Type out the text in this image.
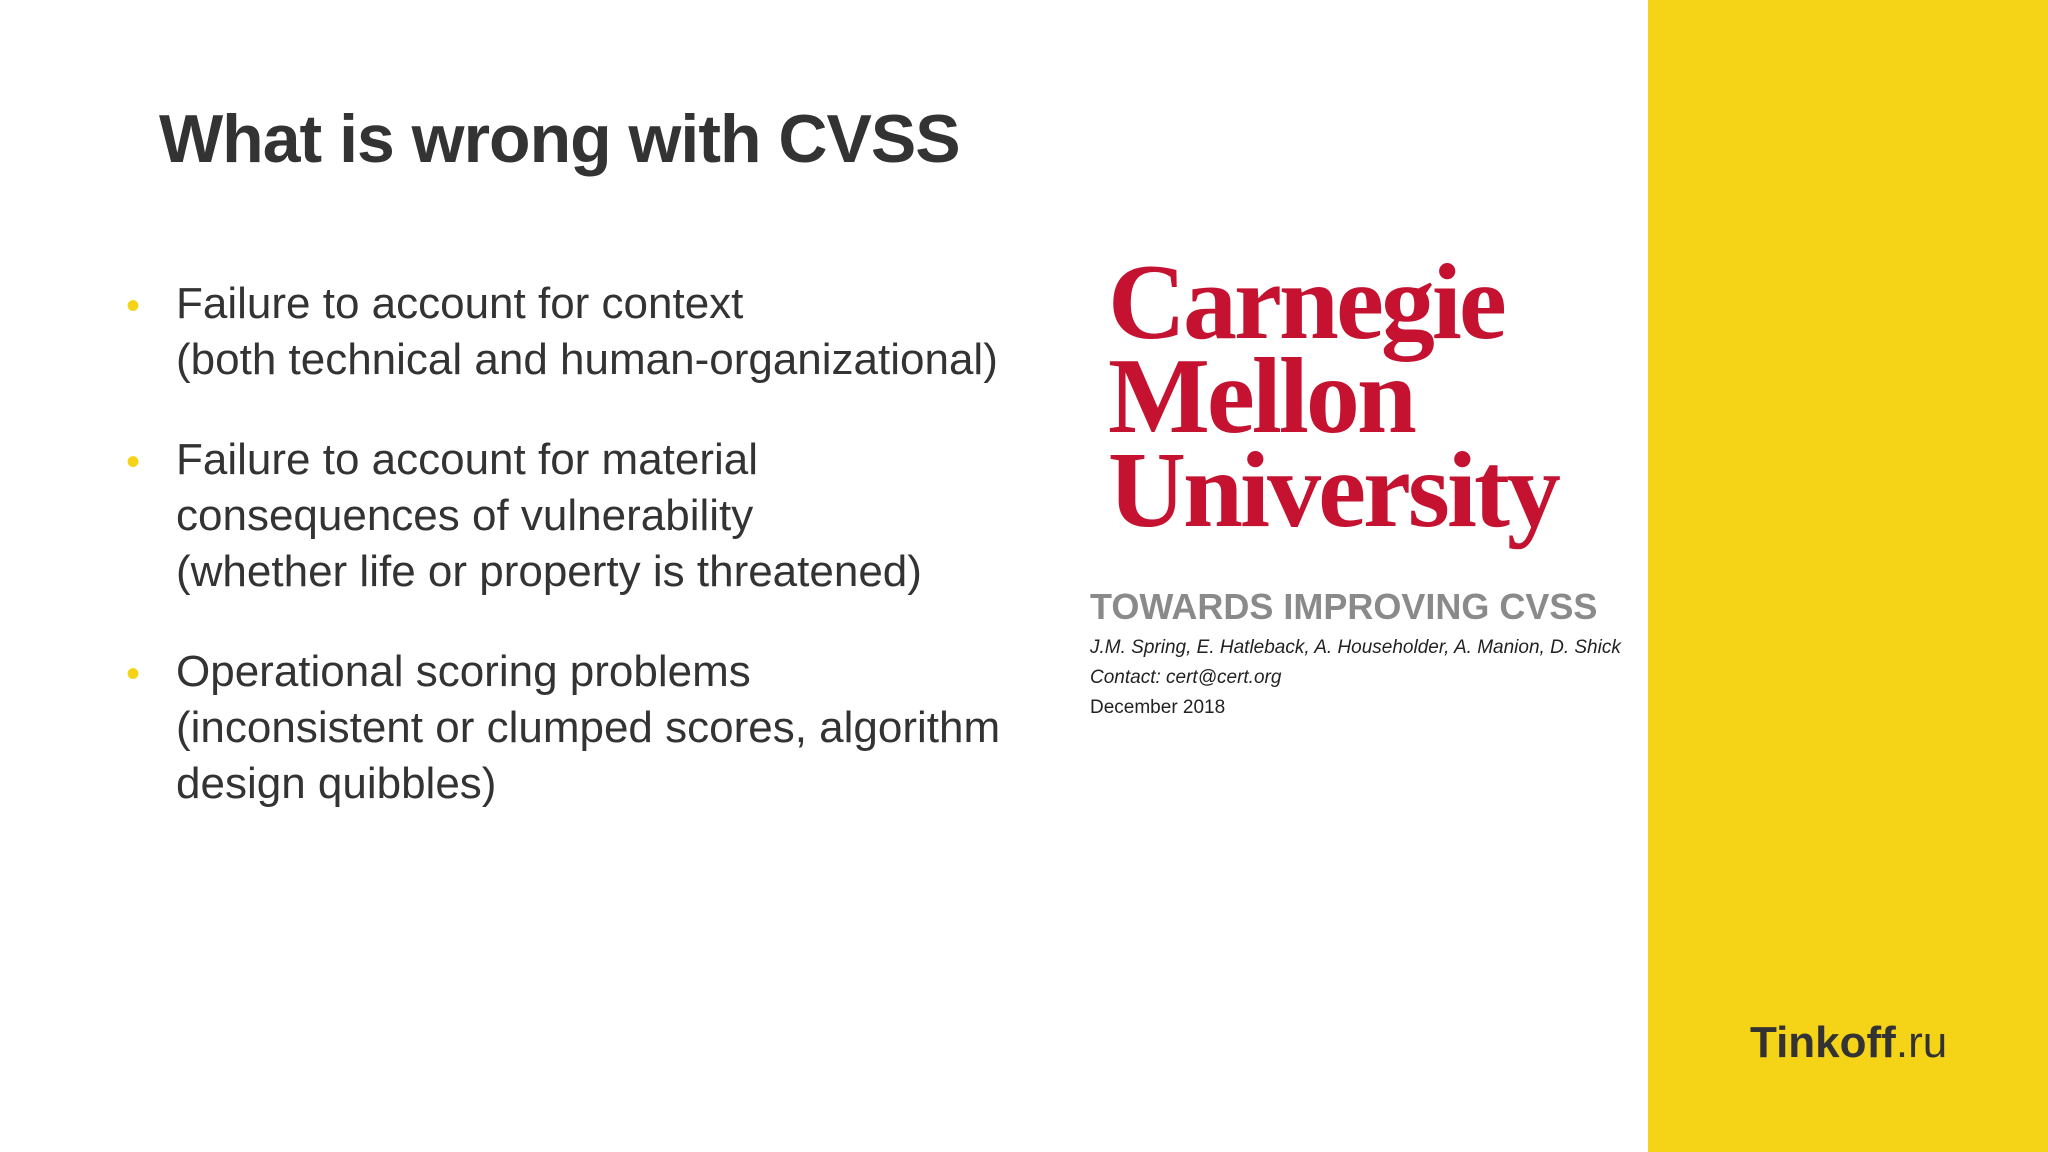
What is wrong with CVSS
• Failure to account for context
(both technical and human-organizational)
• Failure to account for material
consequences of vulnerability
(whether life or property is threatened)
• Operational scoring problems
(inconsistent or clumped scores, algorithm
design quibbles)
Carnegie
Mellon
University
TOWARDS IMPROVING CVSS
J.M. Spring, E. Hatleback, A. Householder, A. Manion, D. Shick
Contact: cert@cert.org
December 2018
Tinkoff.ru
